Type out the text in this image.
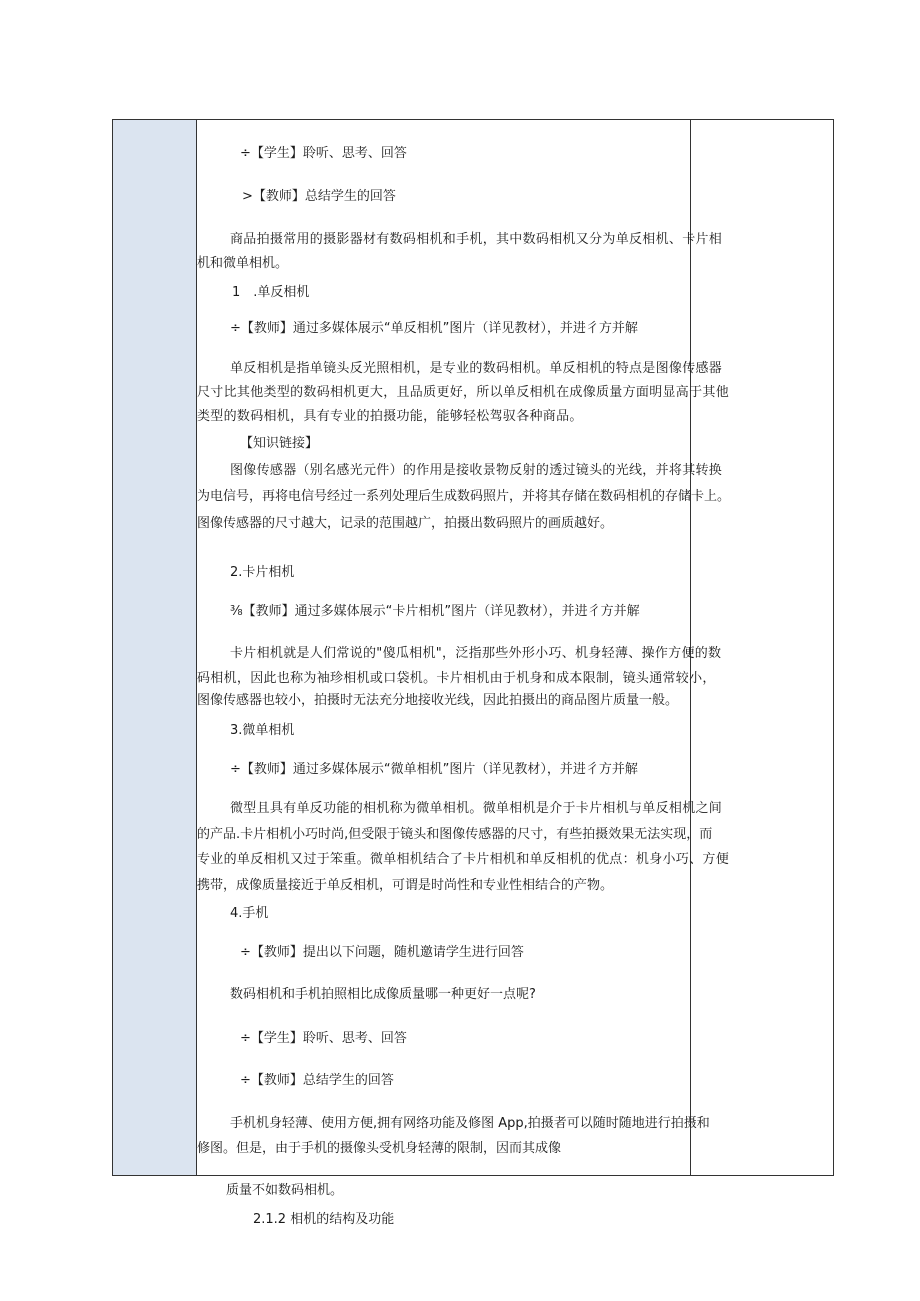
÷【学生】聆听、思考、回答
>【教师】总结学生的回答
商品拍摄常用的摄影器材有数码相机和手机，其中数码相机又分为单反相机、卡片相
机和微单相机。
1　.单反相机
÷【教师】通过多媒体展示“单反相机”图片（详见教材），并进彳方并解
单反相机是指单镜头反光照相机，是专业的数码相机。单反相机的特点是图像传感器
尺寸比其他类型的数码相机更大，且品质更好，所以单反相机在成像质量方面明显高于其他
类型的数码相机，具有专业的拍摄功能，能够轻松驾驭各种商品。
【知识链接】
图像传感器（别名感光元件）的作用是接收景物反射的透过镜头的光线，并将其转换
为电信号，再将电信号经过一系列处理后生成数码照片，并将其存储在数码相机的存储卡上。
图像传感器的尺寸越大，记录的范围越广，拍摄出数码照片的画质越好。
2.卡片相机
⅜【教师】通过多媒体展示“卡片相机”图片（详见教材），并进彳方并解
卡片相机就是人们常说的"傻瓜相机"，泛指那些外形小巧、机身轻薄、操作方便的数
码相机，因此也称为袖珍相机或口袋机。卡片相机由于机身和成本限制，镜头通常较小，
图像传感器也较小，拍摄时无法充分地接收光线，因此拍摄出的商品图片质量一般。
3.微单相机
÷【教师】通过多媒体展示“微单相机”图片（详见教材），并进彳方并解
微型且具有单反功能的相机称为微单相机。微单相机是介于卡片相机与单反相机之间
的产品.卡片相机小巧时尚,但受限于镜头和图像传感器的尺寸，有些拍摄效果无法实现，而
专业的单反相机又过于笨重。微单相机结合了卡片相机和单反相机的优点：机身小巧、方便
携带，成像质量接近于单反相机，可谓是时尚性和专业性相结合的产物。
4.手机
÷【教师】提出以下问题，随机邀请学生进行回答
数码相机和手机拍照相比成像质量哪一种更好一点呢?
÷【学生】聆听、思考、回答
÷【教师】总结学生的回答
手机机身轻薄、使用方便,拥有网络功能及修图 App,拍摄者可以随时随地进行拍摄和
修图。但是，由于手机的摄像头受机身轻薄的限制，因而其成像
质量不如数码相机。
2.1.2 相机的结构及功能
